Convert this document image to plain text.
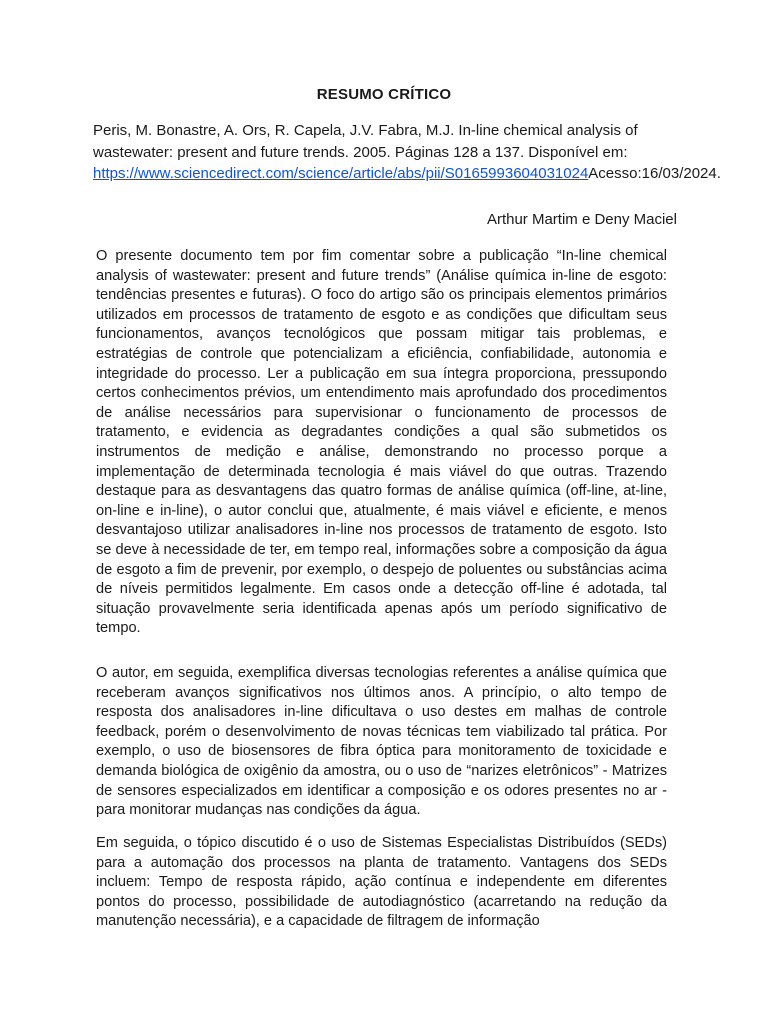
RESUMO CRÍTICO
Peris, M. Bonastre, A. Ors, R. Capela, J.V. Fabra, M.J. In-line chemical analysis of wastewater: present and future trends. 2005. Páginas 128 a 137. Disponível em: https://www.sciencedirect.com/science/article/abs/pii/S0165993604031024Acesso:16/03/2024.
Arthur Martim e Deny Maciel

O presente documento tem por fim comentar sobre a publicação “In-line chemical analysis of wastewater: present and future trends” (Análise química in-line de esgoto: tendências presentes e futuras). O foco do artigo são os principais elementos primários utilizados em processos de tratamento de esgoto e as condições que dificultam seus funcionamentos, avanços tecnológicos que possam mitigar tais problemas, e estratégias de controle que potencializam a eficiência, confiabilidade, autonomia e integridade do processo. Ler a publicação em sua íntegra proporciona, pressupondo certos conhecimentos prévios, um entendimento mais aprofundado dos procedimentos de análise necessários para supervisionar o funcionamento de processos de tratamento, e evidencia as degradantes condições a qual são submetidos os instrumentos de medição e análise, demonstrando no processo porque a implementação de determinada tecnologia é mais viável do que outras. Trazendo destaque para as desvantagens das quatro formas de análise química (off-line, at-line, on-line e in-line), o autor conclui que, atualmente, é mais viável e eficiente, e menos desvantajoso utilizar analisadores in-line nos processos de tratamento de esgoto. Isto se deve à necessidade de ter, em tempo real, informações sobre a composição da água de esgoto a fim de prevenir, por exemplo, o despejo de poluentes ou substâncias acima de níveis permitidos legalmente. Em casos onde a detecção off-line é adotada, tal situação provavelmente seria identificada apenas após um período significativo de tempo.

O autor, em seguida, exemplifica diversas tecnologias referentes a análise química que receberam avanços significativos nos últimos anos. A princípio, o alto tempo de resposta dos analisadores in-line dificultava o uso destes em malhas de controle feedback, porém o desenvolvimento de novas técnicas tem viabilizado tal prática. Por exemplo, o uso de biosensores de fibra óptica para monitoramento de toxicidade e demanda biológica de oxigênio da amostra, ou o uso de “narizes eletrônicos” - Matrizes de sensores especializados em identificar a composição e os odores presentes no ar - para monitorar mudanças nas condições da água.

Em seguida, o tópico discutido é o uso de Sistemas Especialistas Distribuídos (SEDs) para a automação dos processos na planta de tratamento. Vantagens dos SEDs incluem: Tempo de resposta rápido, ação contínua e independente em diferentes pontos do processo, possibilidade de autodiagnóstico (acarretando na redução da manutenção necessária), e a capacidade de filtragem de informação
